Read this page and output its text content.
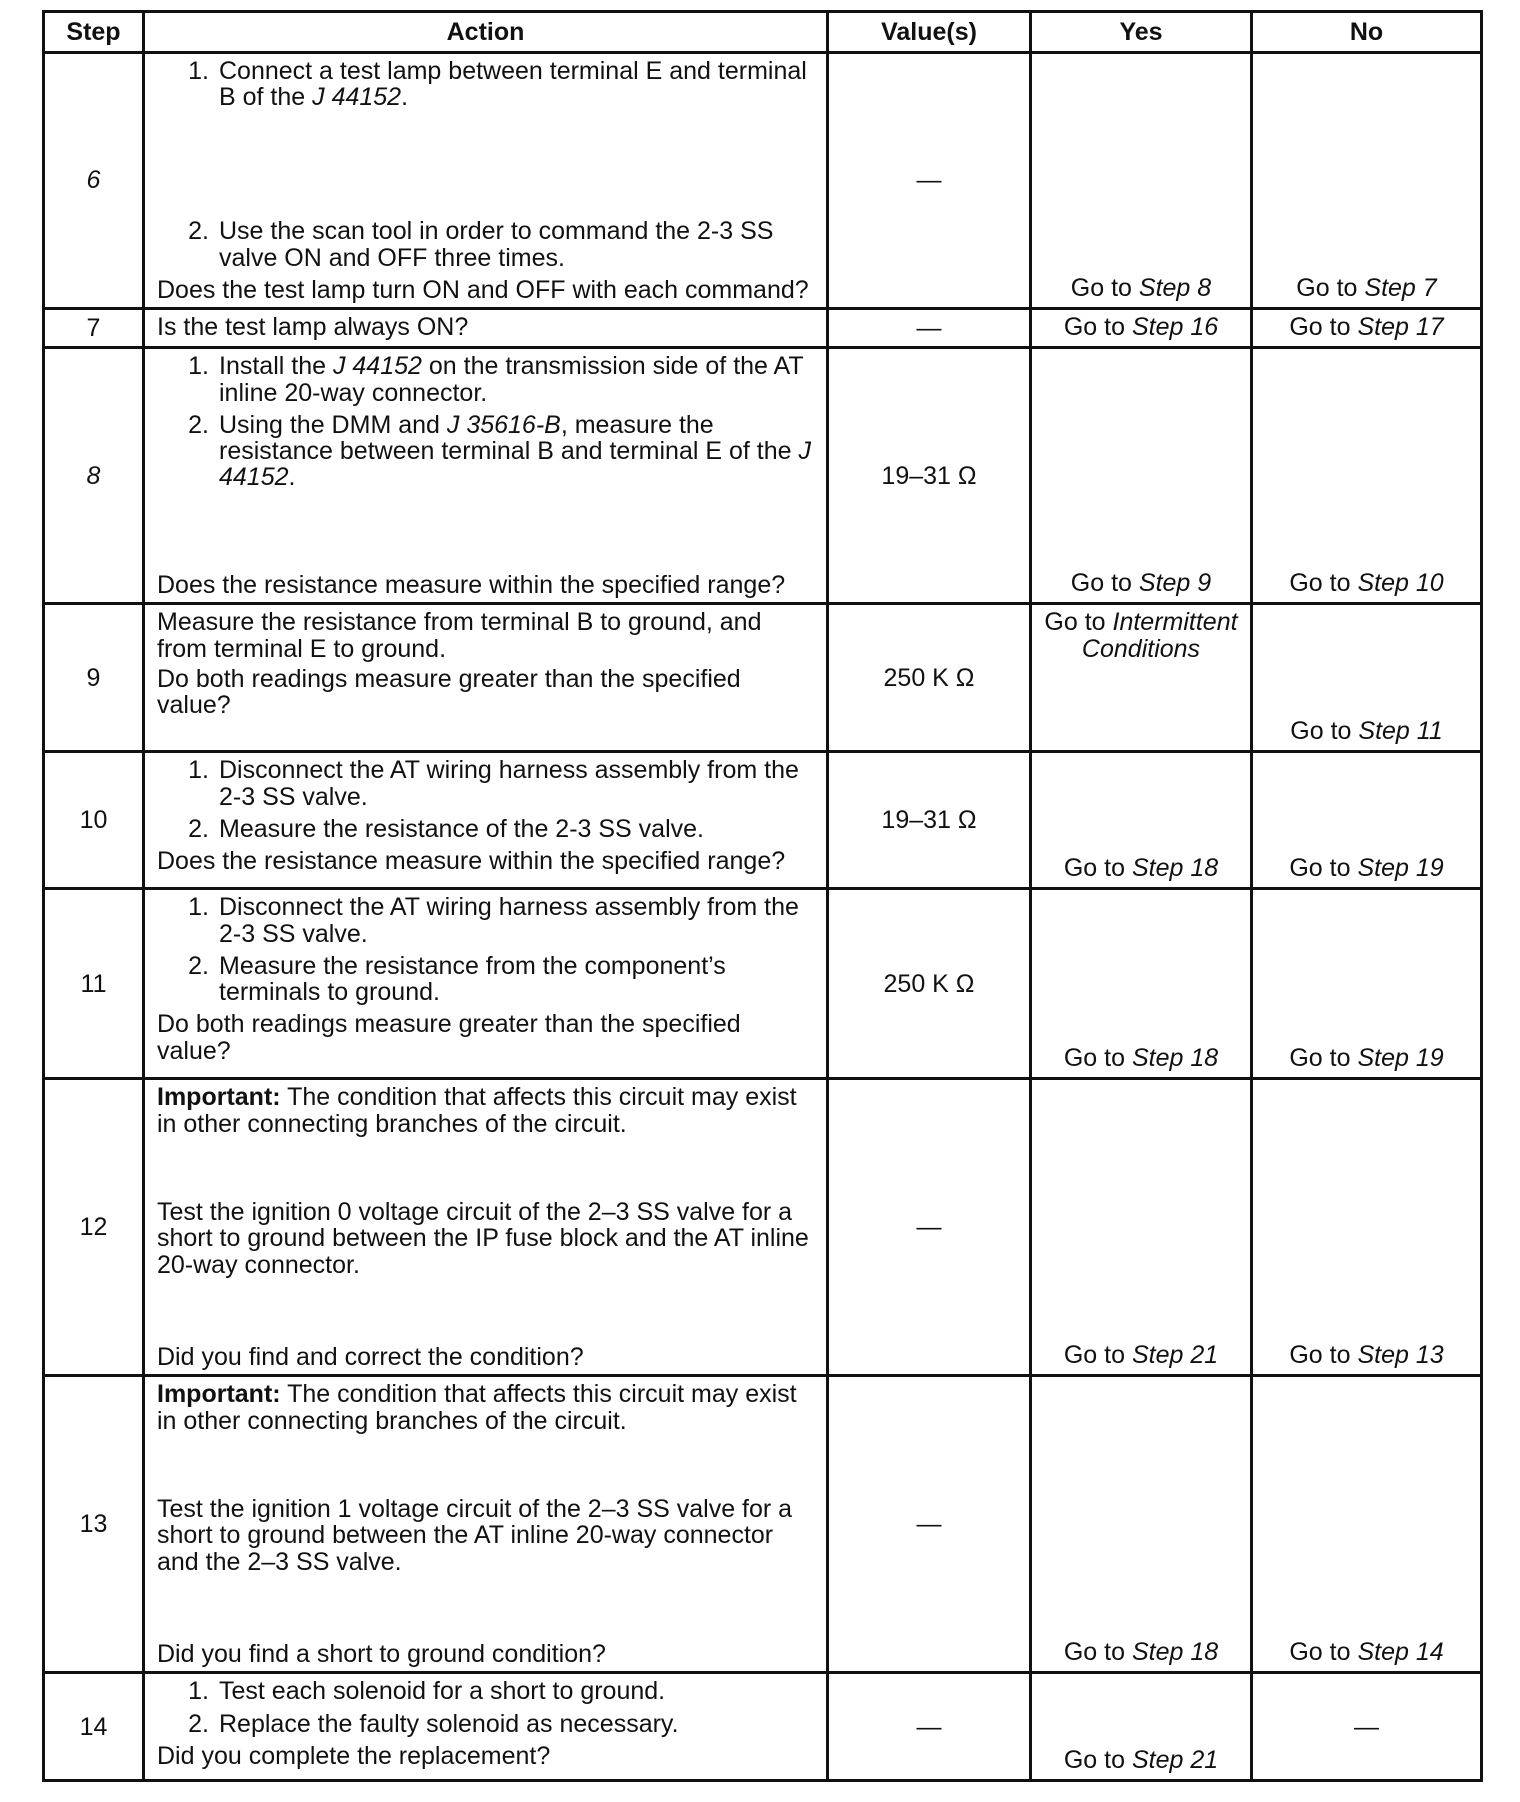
Step	Action	Value(s)	Yes	No
6	1. Connect a test lamp between terminal E and terminal B of the J 44152.
2. Use the scan tool in order to command the 2-3 SS valve ON and OFF three times.
Does the test lamp turn ON and OFF with each command?	—	Go to Step 8	Go to Step 7
7	Is the test lamp always ON?	—	Go to Step 16	Go to Step 17
8	1. Install the J 44152 on the transmission side of the AT inline 20-way connector.
2. Using the DMM and J 35616-B, measure the resistance between terminal B and terminal E of the J 44152.
Does the resistance measure within the specified range?	19–31 Ω	Go to Step 9	Go to Step 10
9	Measure the resistance from terminal B to ground, and from terminal E to ground.
Do both readings measure greater than the specified value?	250 K Ω	Go to Intermittent Conditions	Go to Step 11
10	1. Disconnect the AT wiring harness assembly from the 2-3 SS valve.
2. Measure the resistance of the 2-3 SS valve.
Does the resistance measure within the specified range?	19–31 Ω	Go to Step 18	Go to Step 19
11	1. Disconnect the AT wiring harness assembly from the 2-3 SS valve.
2. Measure the resistance from the component’s terminals to ground.
Do both readings measure greater than the specified value?	250 K Ω	Go to Step 18	Go to Step 19
12	Important: The condition that affects this circuit may exist in other connecting branches of the circuit.
Test the ignition 0 voltage circuit of the 2–3 SS valve for a short to ground between the IP fuse block and the AT inline 20-way connector.
Did you find and correct the condition?	—	Go to Step 21	Go to Step 13
13	Important: The condition that affects this circuit may exist in other connecting branches of the circuit.
Test the ignition 1 voltage circuit of the 2–3 SS valve for a short to ground between the AT inline 20-way connector and the 2–3 SS valve.
Did you find a short to ground condition?	—	Go to Step 18	Go to Step 14
14	1. Test each solenoid for a short to ground.
2. Replace the faulty solenoid as necessary.
Did you complete the replacement?	—	Go to Step 21	—
